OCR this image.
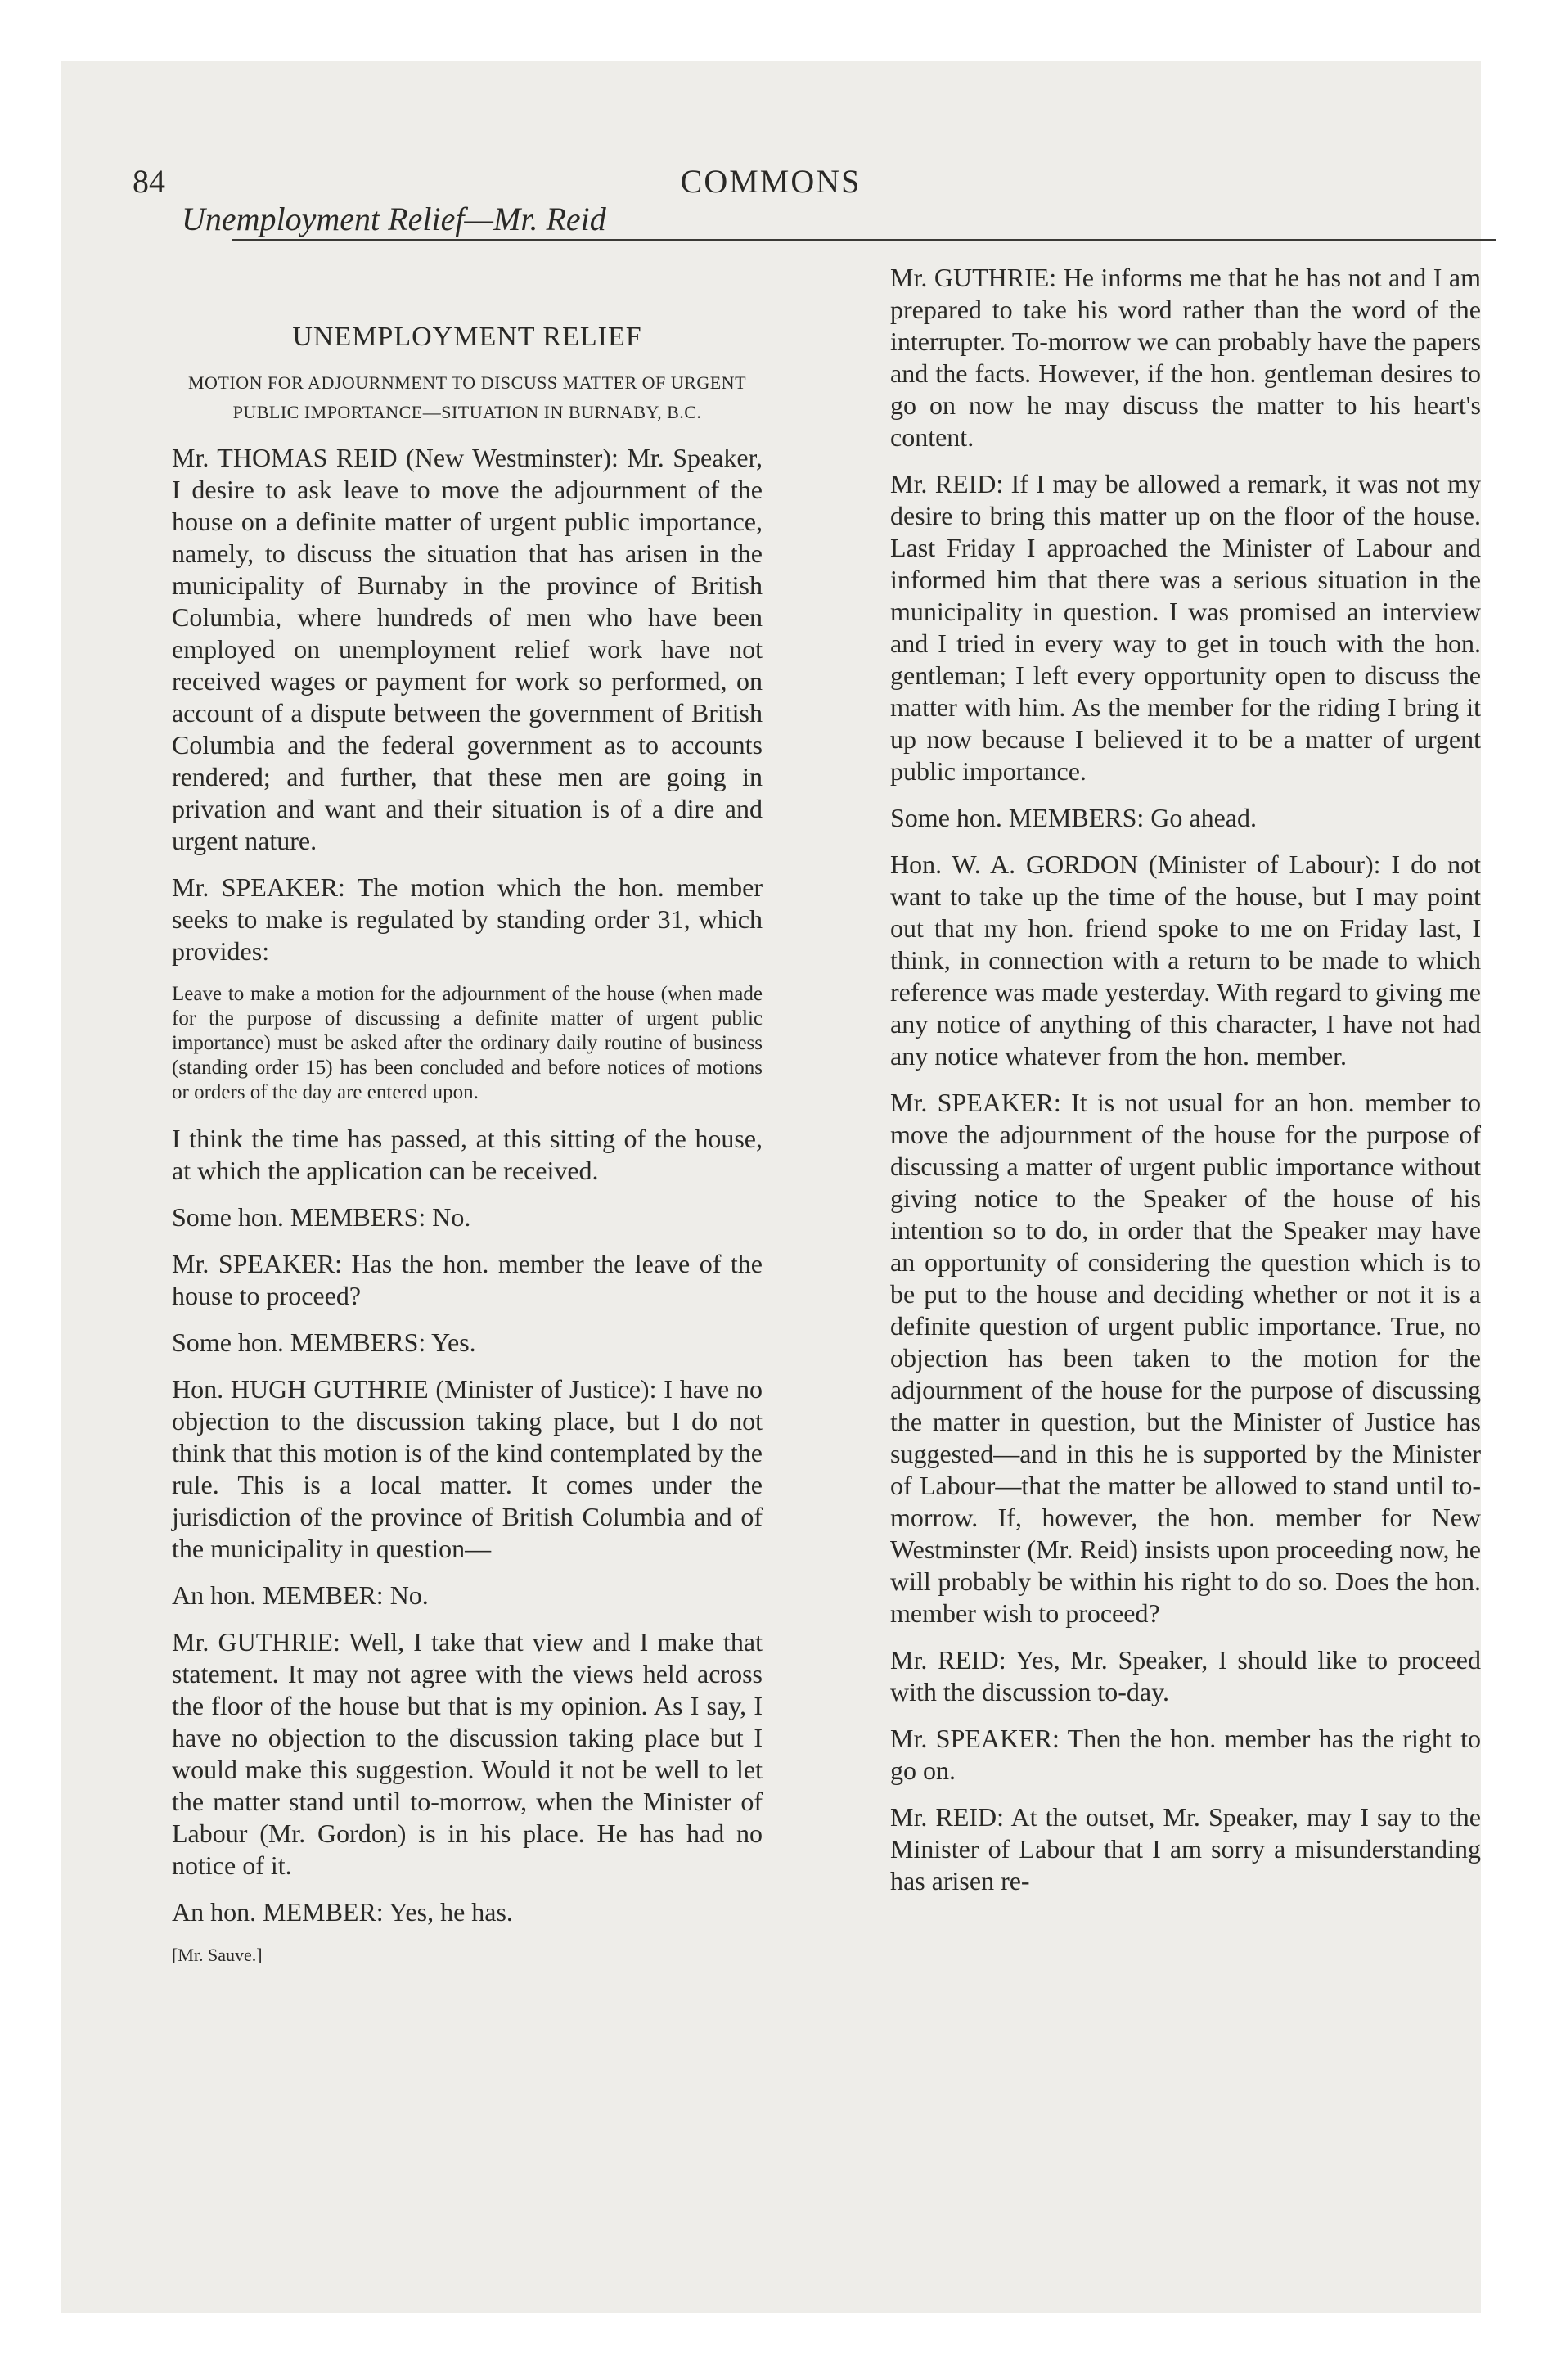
84	COMMONS
Unemployment Relief—Mr. Reid
UNEMPLOYMENT RELIEF
MOTION FOR ADJOURNMENT TO DISCUSS MATTER OF URGENT PUBLIC IMPORTANCE—SITUATION IN BURNABY, B.C.

Mr. THOMAS REID (New Westminster): Mr. Speaker, I desire to ask leave to move the adjournment of the house on a definite matter of urgent public importance, namely, to discuss the situation that has arisen in the municipality of Burnaby in the province of British Columbia, where hundreds of men who have been employed on unemployment relief work have not received wages or payment for work so performed, on account of a dispute between the government of British Columbia and the federal government as to accounts rendered; and further, that these men are going in privation and want and their situation is of a dire and urgent nature.

Mr. SPEAKER: The motion which the hon. member seeks to make is regulated by standing order 31, which provides:

Leave to make a motion for the adjournment of the house (when made for the purpose of discussing a definite matter of urgent public importance) must be asked after the ordinary daily routine of business (standing order 15) has been concluded and before notices of motions or orders of the day are entered upon.

I think the time has passed, at this sitting of the house, at which the application can be received.

Some hon. MEMBERS: No.

Mr. SPEAKER: Has the hon. member the leave of the house to proceed?

Some hon. MEMBERS: Yes.

Hon. HUGH GUTHRIE (Minister of Justice): I have no objection to the discussion taking place, but I do not think that this motion is of the kind contemplated by the rule. This is a local matter. It comes under the jurisdiction of the province of British Columbia and of the municipality in question—

An hon. MEMBER: No.

Mr. GUTHRIE: Well, I take that view and I make that statement. It may not agree with the views held across the floor of the house but that is my opinion. As I say, I have no objection to the discussion taking place but I would make this suggestion. Would it not be well to let the matter stand until to-morrow, when the Minister of Labour (Mr. Gordon) is in his place. He has had no notice of it.

An hon. MEMBER: Yes, he has.

[Mr. Sauve.]

Mr. GUTHRIE: He informs me that he has not and I am prepared to take his word rather than the word of the interrupter. To-morrow we can probably have the papers and the facts. However, if the hon. gentleman desires to go on now he may discuss the matter to his heart's content.

Mr. REID: If I may be allowed a remark, it was not my desire to bring this matter up on the floor of the house. Last Friday I approached the Minister of Labour and informed him that there was a serious situation in the municipality in question. I was promised an interview and I tried in every way to get in touch with the hon. gentleman; I left every opportunity open to discuss the matter with him. As the member for the riding I bring it up now because I believed it to be a matter of urgent public importance.

Some hon. MEMBERS: Go ahead.

Hon. W. A. GORDON (Minister of Labour): I do not want to take up the time of the house, but I may point out that my hon. friend spoke to me on Friday last, I think, in connection with a return to be made to which reference was made yesterday. With regard to giving me any notice of anything of this character, I have not had any notice whatever from the hon. member.

Mr. SPEAKER: It is not usual for an hon. member to move the adjournment of the house for the purpose of discussing a matter of urgent public importance without giving notice to the Speaker of the house of his intention so to do, in order that the Speaker may have an opportunity of considering the question which is to be put to the house and deciding whether or not it is a definite question of urgent public importance. True, no objection has been taken to the motion for the adjournment of the house for the purpose of discussing the matter in question, but the Minister of Justice has suggested—and in this he is supported by the Minister of Labour—that the matter be allowed to stand until to-morrow. If, however, the hon. member for New Westminster (Mr. Reid) insists upon proceeding now, he will probably be within his right to do so. Does the hon. member wish to proceed?

Mr. REID: Yes, Mr. Speaker, I should like to proceed with the discussion to-day.

Mr. SPEAKER: Then the hon. member has the right to go on.

Mr. REID: At the outset, Mr. Speaker, may I say to the Minister of Labour that I am sorry a misunderstanding has arisen re-
